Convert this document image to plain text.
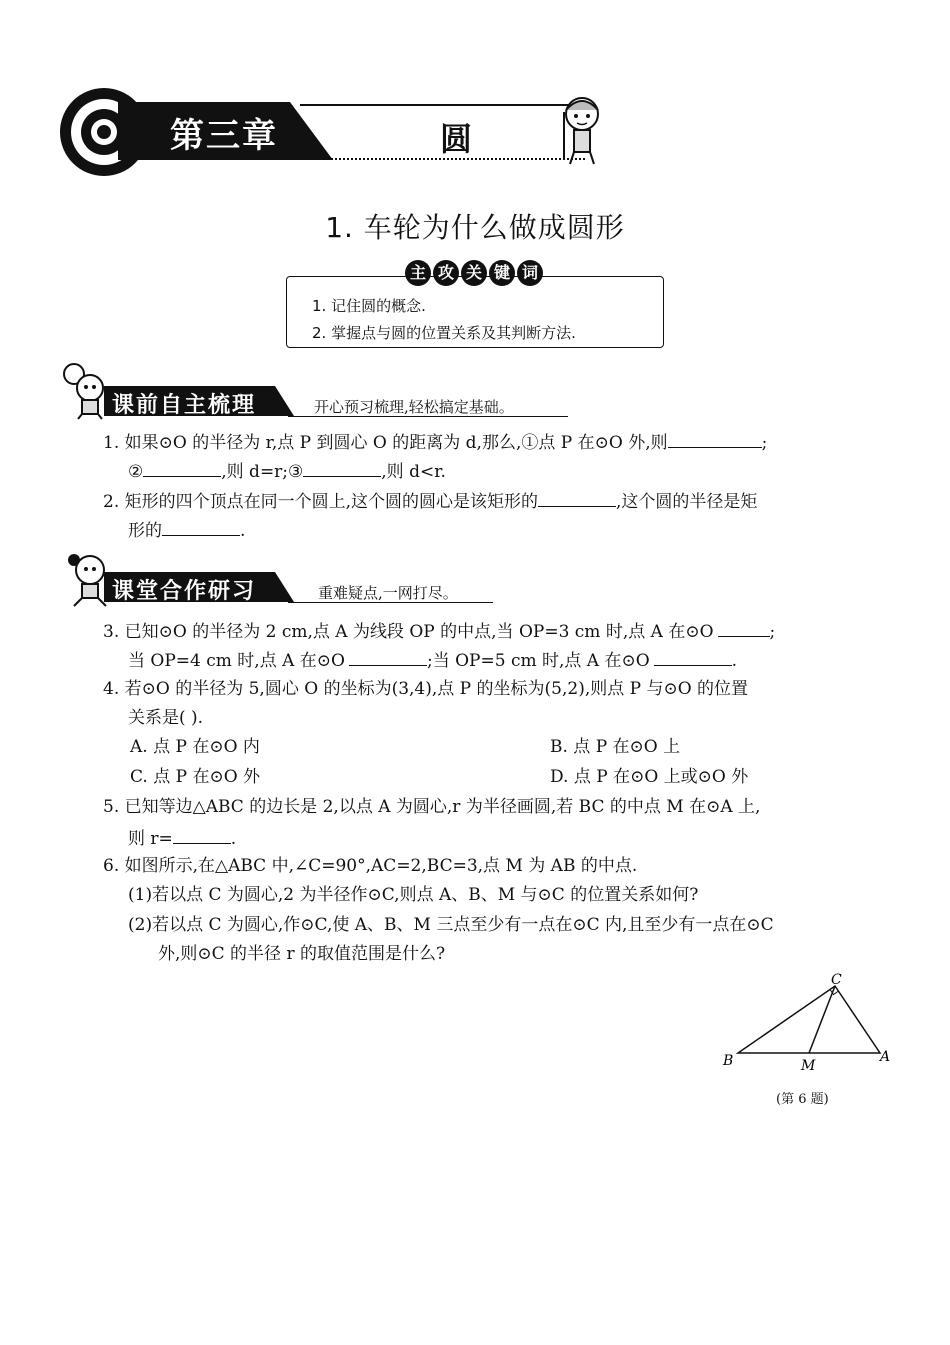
第三章	圆
1. 车轮为什么做成圆形
主 攻 关 键 词
1. 记住圆的概念.
2. 掌握点与圆的位置关系及其判断方法.
课前自主梳理	开心预习梳理,轻松搞定基础。
1. 如果⊙O 的半径为 r,点 P 到圆心 O 的距离为 d,那么,①点 P 在⊙O 外,则	;
②	,则 d=r;③	,则 d<r.
2. 矩形的四个顶点在同一个圆上,这个圆的圆心是该矩形的	,这个圆的半径是矩
形的	.
课堂合作研习	重难疑点,一网打尽。
3. 已知⊙O 的半径为 2 cm,点 A 为线段 OP 的中点,当 OP=3 cm 时,点 A 在⊙O	;
当 OP=4 cm 时,点 A 在⊙O	;当 OP=5 cm 时,点 A 在⊙O	.
4. 若⊙O 的半径为 5,圆心 O 的坐标为(3,4),点 P 的坐标为(5,2),则点 P 与⊙O 的位置
关系是( ).
A. 点 P 在⊙O 内	B. 点 P 在⊙O 上
C. 点 P 在⊙O 外	D. 点 P 在⊙O 上或⊙O 外
5. 已知等边△ABC 的边长是 2,以点 A 为圆心,r 为半径画圆,若 BC 的中点 M 在⊙A 上,
则 r=	.
6. 如图所示,在△ABC 中,∠C=90°,AC=2,BC=3,点 M 为 AB 的中点.
(1)若以点 C 为圆心,2 为半径作⊙C,则点 A、B、M 与⊙C 的位置关系如何?
(2)若以点 C 为圆心,作⊙C,使 A、B、M 三点至少有一点在⊙C 内,且至少有一点在⊙C
外,则⊙C 的半径 r 的取值范围是什么?
C
B	M
A
(第 6 题)
